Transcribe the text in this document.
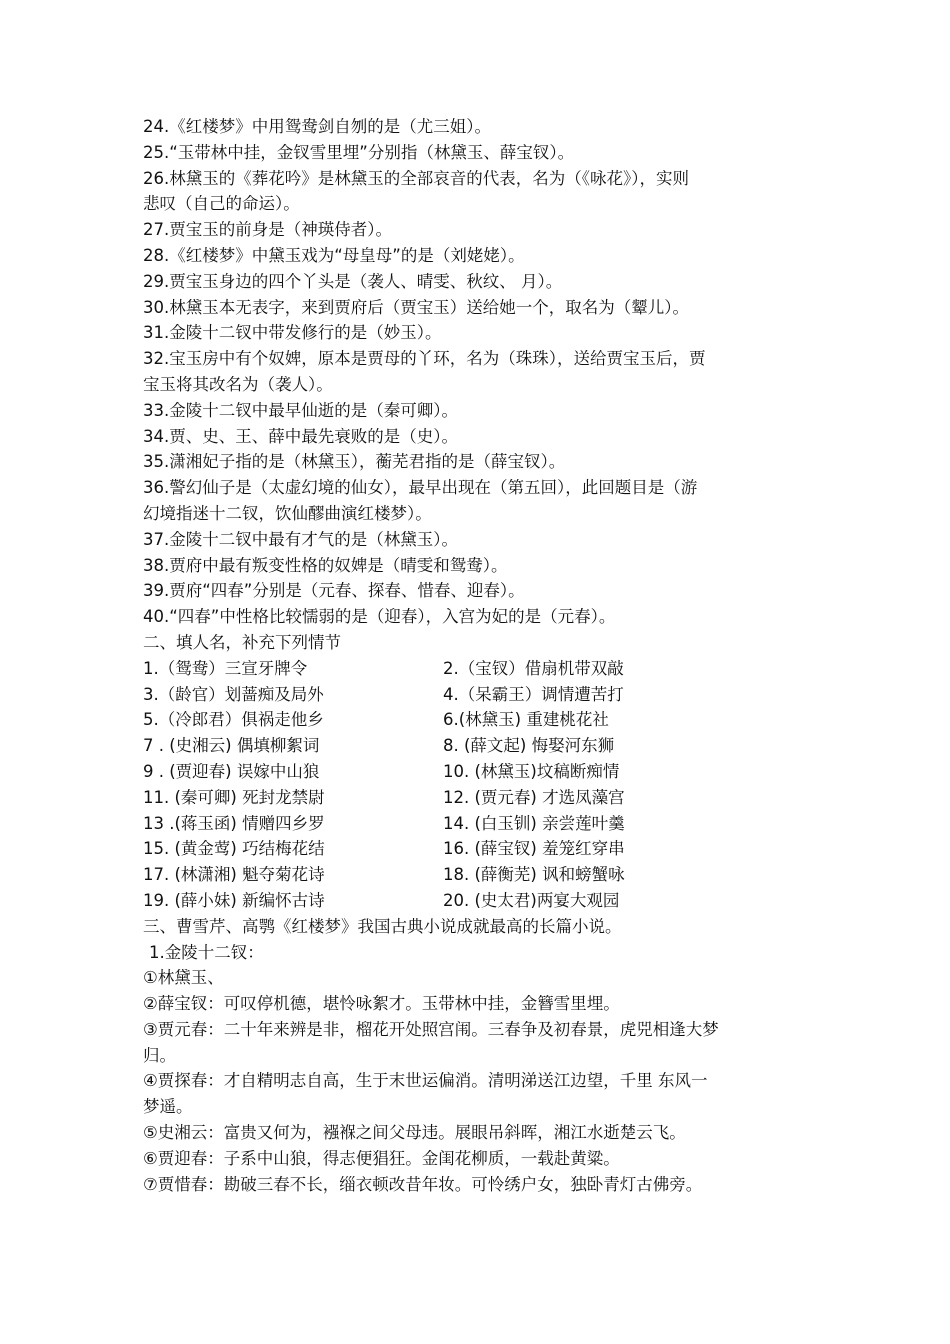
24.《红楼梦》中用鸳鸯剑自刎的是（尤三姐）。
25.“玉带林中挂，金钗雪里埋”分别指（林黛玉、薛宝钗）。
26.林黛玉的《葬花吟》是林黛玉的全部哀音的代表，名为（《咏花》），实则
悲叹（自己的命运）。
27.贾宝玉的前身是（神瑛侍者）。
28.《红楼梦》中黛玉戏为“母皇母”的是（刘姥姥）。
29.贾宝玉身边的四个丫头是（袭人、晴雯、秋纹、 月）。
30.林黛玉本无表字，来到贾府后（贾宝玉）送给她一个，取名为（颦儿）。
31.金陵十二钗中带发修行的是（妙玉）。
32.宝玉房中有个奴婢，原本是贾母的丫环，名为（珠珠），送给贾宝玉后，贾
宝玉将其改名为（袭人）。
33.金陵十二钗中最早仙逝的是（秦可卿）。
34.贾、史、王、薛中最先衰败的是（史）。
35.潇湘妃子指的是（林黛玉），蘅芜君指的是（薛宝钗）。
36.警幻仙子是（太虚幻境的仙女），最早出现在（第五回），此回题目是（游
幻境指迷十二钗，饮仙醪曲演红楼梦）。
37.金陵十二钗中最有才气的是（林黛玉）。
38.贾府中最有叛变性格的奴婢是（晴雯和鸳鸯）。
39.贾府“四春”分别是（元春、探春、惜春、迎春）。
40.“四春”中性格比较懦弱的是（迎春），入宫为妃的是（元春）。
二、填人名，补充下列情节
1.（鸳鸯）三宣牙牌令	2.（宝钗）借扇机带双敲
3.（龄官）划蔷痴及局外	4.（呆霸王）调情遭苦打
5.（冷郎君）俱祸走他乡	6.(林黛玉) 重建桃花社
7 . (史湘云) 偶填柳絮词	8. (薛文起) 悔娶河东狮
9 . (贾迎春) 误嫁中山狼	10. (林黛玉)坟稿断痴情
11. (秦可卿) 死封龙禁尉	12. (贾元春) 才选凤藻宫
13 .(蒋玉函) 情赠四乡罗	14. (白玉钏) 亲尝莲叶羹
15. (黄金莺) 巧结梅花结	16. (薛宝钗) 羞笼红穿串
17. (林潇湘) 魁夺菊花诗	18. (薛衡芜) 讽和螃蟹咏
19. (薛小妹) 新编怀古诗	20. (史太君)两宴大观园
三、曹雪芹、高鹗《红楼梦》我国古典小说成就最高的长篇小说。
1.金陵十二钗：
①林黛玉、
②薛宝钗：可叹停机德，堪怜咏絮才。玉带林中挂，金簪雪里埋。
③贾元春：二十年来辨是非，榴花开处照宫闱。三春争及初春景，虎兕相逢大梦
归。
④贾探春：才自精明志自高，生于末世运偏消。清明涕送江边望，千里 东风一
梦遥。
⑤史湘云：富贵又何为，襁褓之间父母违。展眼吊斜晖，湘江水逝楚云飞。
⑥贾迎春：子系中山狼，得志便猖狂。金闺花柳质，一载赴黄粱。
⑦贾惜春：勘破三春不长，缁衣顿改昔年妆。可怜绣户女，独卧青灯古佛旁。
